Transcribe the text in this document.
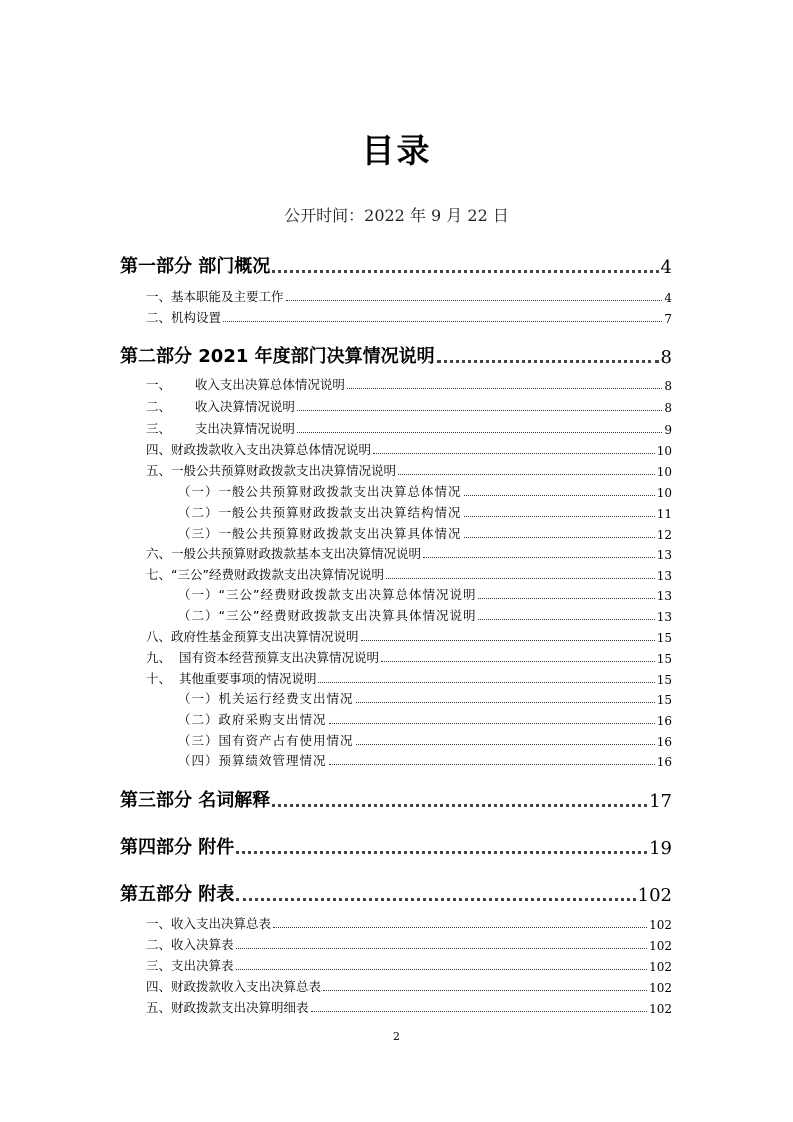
目录
公开时间：2022 年 9 月 22 日
第一部分 部门概况	4
一、基本职能及主要工作	4
二、机构设置	7
第二部分 2021 年度部门决算情况说明	8
一、      收入支出决算总体情况说明	8
二、      收入决算情况说明	8
三、      支出决算情况说明	9
四、财政拨款收入支出决算总体情况说明	10
五、一般公共预算财政拨款支出决算情况说明	10
（一）一般公共预算财政拨款支出决算总体情况	10
（二）一般公共预算财政拨款支出决算结构情况	11
（三）一般公共预算财政拨款支出决算具体情况	12
六、一般公共预算财政拨款基本支出决算情况说明	13
七、“三公”经费财政拨款支出决算情况说明	13
（一）“三公”经费财政拨款支出决算总体情况说明	13
（二）“三公”经费财政拨款支出决算具体情况说明	13
八、政府性基金预算支出决算情况说明	15
九、  国有资本经营预算支出决算情况说明	15
十、  其他重要事项的情况说明	15
（一）机关运行经费支出情况	15
（二）政府采购支出情况	16
（三）国有资产占有使用情况	16
（四）预算绩效管理情况	16
第三部分 名词解释	17
第四部分 附件	19
第五部分 附表	102
一、收入支出决算总表	102
二、收入决算表	102
三、支出决算表	102
四、财政拨款收入支出决算总表	102
五、财政拨款支出决算明细表	102
2
